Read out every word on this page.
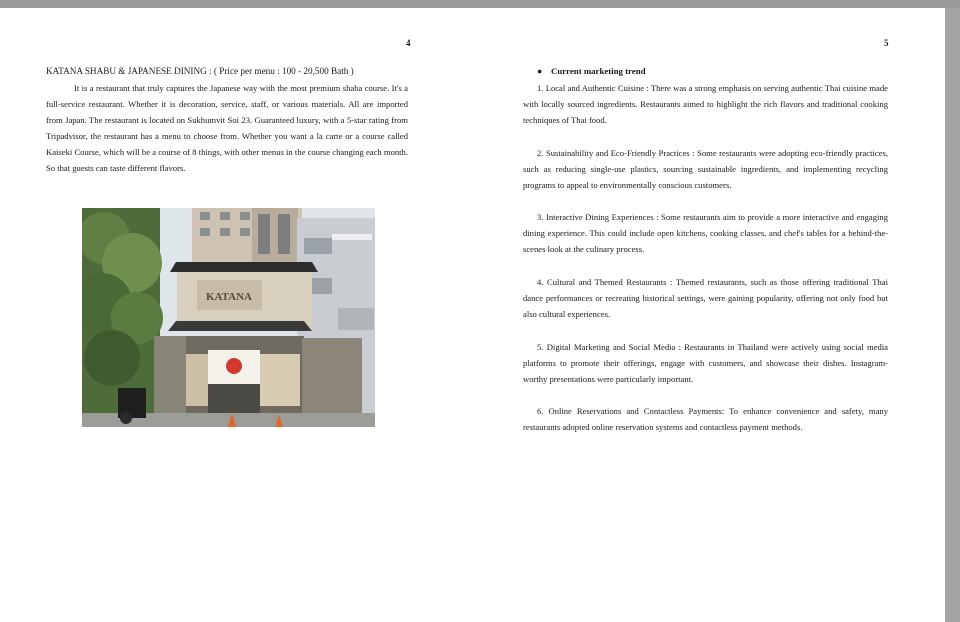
4
KATANA SHABU & JAPANESE DINING : ( Price per menu : 100 - 20,500 Bath )

It is a restaurant that truly captures the Japanese way with the most premium shaba course. It's a full-service restaurant. Whether it is decoration, service, staff, or various materials. All are imported from Japan. The restaurant is located on Sukhumvit Soi 23. Guaranteed luxury, with a 5-star rating from Tripadvisor, the restaurant has a menu to choose from. Whether you want a la carte or a course called Kaiseki Course, which will be a course of 8 things, with other menus in the course changing each month. So that guests can taste different flavors.

KATANA
5
● Current marketing trend

1. Local and Authentic Cuisine : There was a strong emphasis on serving authentic Thai cuisine made with locally sourced ingredients. Restaurants aimed to highlight the rich flavors and traditional cooking techniques of Thai food.

2. Sustainability and Eco-Friendly Practices : Some restaurants were adopting eco-friendly practices, such as reducing single-use plastics, sourcing sustainable ingredients, and implementing recycling programs to appeal to environmentally conscious customers.

3. Interactive Dining Experiences : Some restaurants aim to provide a more interactive and engaging dining experience. This could include open kitchens, cooking classes, and chef's tables for a behind-the-scenes look at the culinary process.

4. Cultural and Themed Restaurants : Themed restaurants, such as those offering traditional Thai dance performances or recreating historical settings, were gaining popularity, offering not only food but also cultural experiences.

5. Digital Marketing and Social Media : Restaurants in Thailand were actively using social media platforms to promote their offerings, engage with customers, and showcase their dishes. Instagram-worthy presentations were particularly important.

6. Online Reservations and Contactless Payments: To enhance convenience and safety, many restaurants adopted online reservation systems and contactless payment methods.
